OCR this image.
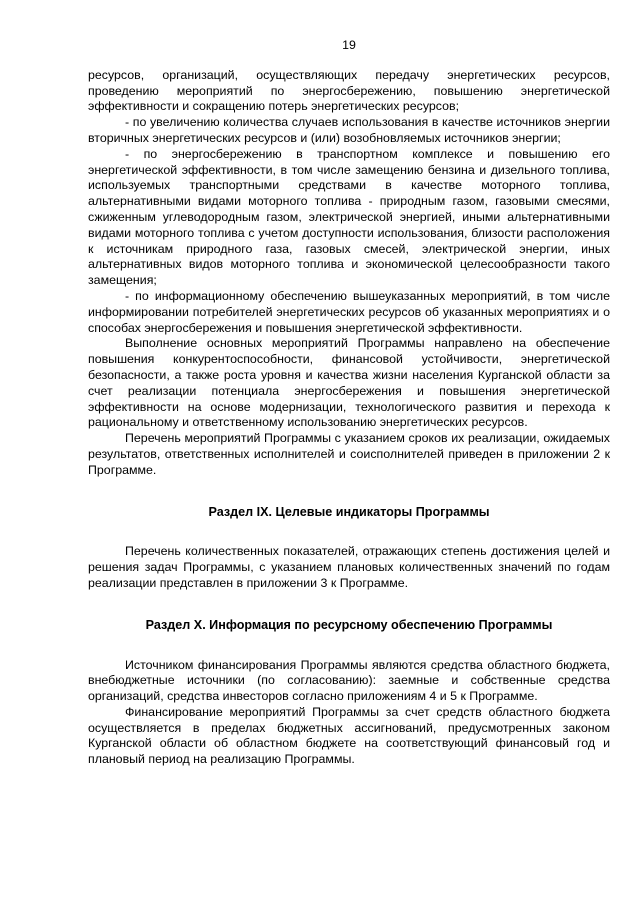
19

ресурсов, организаций, осуществляющих передачу энергетических ресурсов, проведению мероприятий по энергосбережению, повышению энергетической эффективности и сокращению потерь энергетических ресурсов;

- по увеличению количества случаев использования в качестве источников энергии вторичных энергетических ресурсов и (или) возобновляемых источников энергии;

- по энергосбережению в транспортном комплексе и повышению его энергетической эффективности, в том числе замещению бензина и дизельного топлива, используемых транспортными средствами в качестве моторного топлива, альтернативными видами моторного топлива - природным газом, газовыми смесями, сжиженным углеводородным газом, электрической энергией, иными альтернативными видами моторного топлива с учетом доступности использования, близости расположения к источникам природного газа, газовых смесей, электрической энергии, иных альтернативных видов моторного топлива и экономической целесообразности такого замещения;

- по информационному обеспечению вышеуказанных мероприятий, в том числе информировании потребителей энергетических ресурсов об указанных мероприятиях и о способах энергосбережения и повышения энергетической эффективности.

Выполнение основных мероприятий Программы направлено на обеспечение повышения конкурентоспособности, финансовой устойчивости, энергетической безопасности, а также роста уровня и качества жизни населения Курганской области за счет реализации потенциала энергосбережения и повышения энергетической эффективности на основе модернизации, технологического развития и перехода к рациональному и ответственному использованию энергетических ресурсов.

Перечень мероприятий Программы с указанием сроков их реализации, ожидаемых результатов, ответственных исполнителей и соисполнителей приведен в приложении 2 к Программе.

Раздел IX. Целевые индикаторы Программы

Перечень количественных показателей, отражающих степень достижения целей и решения задач Программы, с указанием плановых количественных значений по годам реализации представлен в приложении 3 к Программе.

Раздел X. Информация по ресурсному обеспечению Программы

Источником финансирования Программы являются средства областного бюджета, внебюджетные источники (по согласованию): заемные и собственные средства организаций, средства инвесторов согласно приложениям 4 и 5 к Программе.

Финансирование мероприятий Программы за счет средств областного бюджета осуществляется в пределах бюджетных ассигнований, предусмотренных законом Курганской области об областном бюджете на соответствующий финансовый год и плановый период на реализацию Программы.
